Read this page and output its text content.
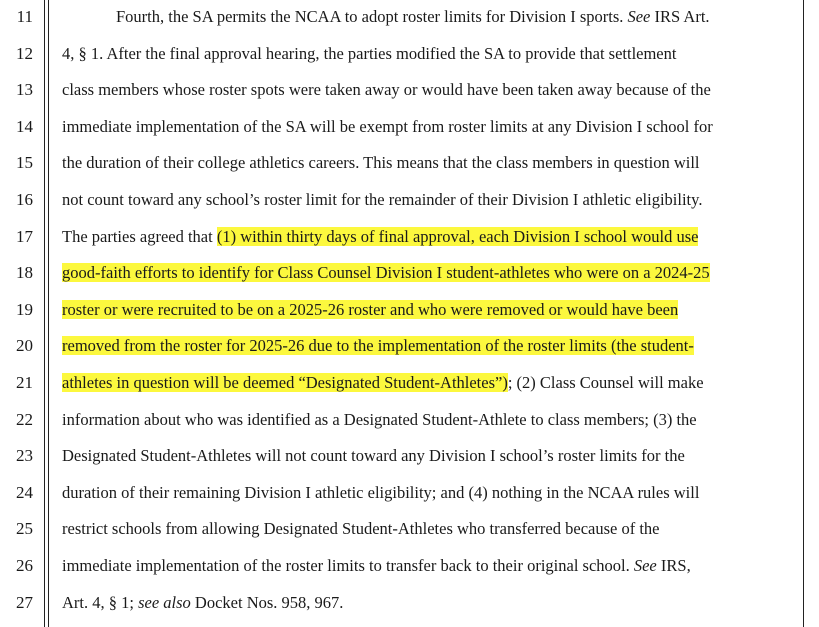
11	Fourth, the SA permits the NCAA to adopt roster limits for Division I sports. See IRS Art.
12 4, § 1. After the final approval hearing, the parties modified the SA to provide that settlement
13 class members whose roster spots were taken away or would have been taken away because of the
14 immediate implementation of the SA will be exempt from roster limits at any Division I school for
15 the duration of their college athletics careers. This means that the class members in question will
16 not count toward any school’s roster limit for the remainder of their Division I athletic eligibility.
17 The parties agreed that (1) within thirty days of final approval, each Division I school would use
18 good-faith efforts to identify for Class Counsel Division I student-athletes who were on a 2024-25
19 roster or were recruited to be on a 2025-26 roster and who were removed or would have been
20 removed from the roster for 2025-26 due to the implementation of the roster limits (the student-
21 athletes in question will be deemed “Designated Student-Athletes”); (2) Class Counsel will make
22 information about who was identified as a Designated Student-Athlete to class members; (3) the
23 Designated Student-Athletes will not count toward any Division I school’s roster limits for the
24 duration of their remaining Division I athletic eligibility; and (4) nothing in the NCAA rules will
25 restrict schools from allowing Designated Student-Athletes who transferred because of the
26 immediate implementation of the roster limits to transfer back to their original school. See IRS,
27 Art. 4, § 1; see also Docket Nos. 958, 967.
